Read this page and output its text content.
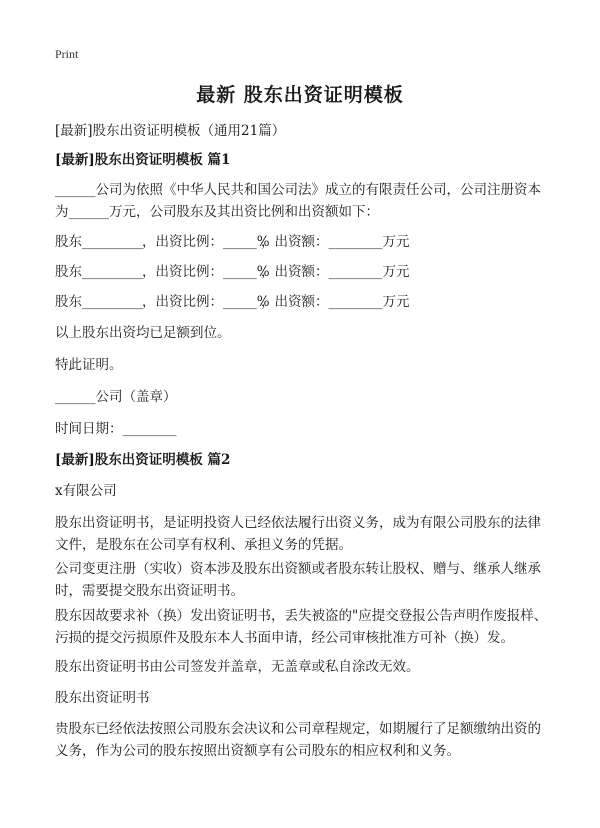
Print
最新 股东出资证明模板

[最新]股东出资证明模板（通用21篇）

[最新]股东出资证明模板 篇1

______公司为依照《中华人民共和国公司法》成立的有限责任公司，公司注册资本为______万元，公司股东及其出资比例和出资额如下：

股东_________ ，出资比例：_____%
，出资额：________万元
股东_________ ，出资比例：_____%
，出资额：________万元
股东_________ ，出资比例：_____%
，出资额：________万元

以上股东出资均已足额到位。

特此证明。

______公司（盖章）

时间日期：________

[最新]股东出资证明模板 篇2

x有限公司

股东出资证明书，是证明投资人已经依法履行出资义务，成为有限公司股东的法律文件，是股东在公司享有权利、承担义务的凭据。

公司变更注册（实收）资本涉及股东出资额或者股东转让股权、赠与、继承人继承时，需要提交股东出资证明书。

股东因故要求补（换）发出资证明书，丢失被盗的"应提交登报公告声明作废报样、污损的提交污损原件及股东本人书面申请，经公司审核批准方可补（换）发。

股东出资证明书由公司签发并盖章，无盖章或私自涂改无效。

股东出资证明书

贵股东已经依法按照公司股东会决议和公司章程规定，如期履行了足额缴纳出资的义务，作为公司的股东按照出资额享有公司股东的相应权利和义务。
